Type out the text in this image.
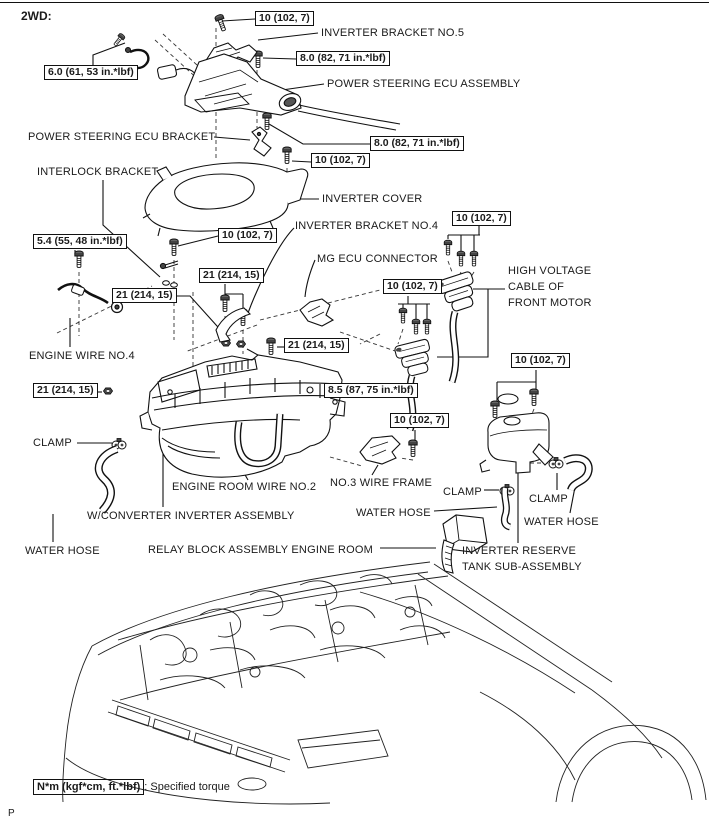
2WD:	10 (102, 7)
8.0 (82, 71 in.*lbf)
6.0 (61, 53 in.*lbf)
8.0 (82, 71 in.*lbf)
10 (102, 7)
10 (102, 7)
10 (102, 7)
5.4 (55, 48 in.*lbf)
21 (214, 15)
21 (214, 15)
10 (102, 7)
21 (214, 15)
10 (102, 7)
21 (214, 15)	8.5 (87, 75 in.*lbf)
10 (102, 7)
INVERTER BRACKET NO.5
POWER STEERING ECU ASSEMBLY
POWER STEERING ECU BRACKET
INTERLOCK BRACKET
INVERTER COVER
INVERTER BRACKET NO.4
MG ECU CONNECTOR
HIGH VOLTAGE
CABLE OF
FRONT MOTOR
ENGINE WIRE NO.4
CLAMP
ENGINE ROOM WIRE NO.2
W/CONVERTER INVERTER ASSEMBLY
NO.3 WIRE FRAME
CLAMP
WATER HOSE
CLAMP
WATER HOSE
WATER HOSE	RELAY BLOCK ASSEMBLY ENGINE ROOM	INVERTER RESERVE
TANK SUB-ASSEMBLY
N*m (kgf*cm, ft.*lbf) : Specified torque
P
